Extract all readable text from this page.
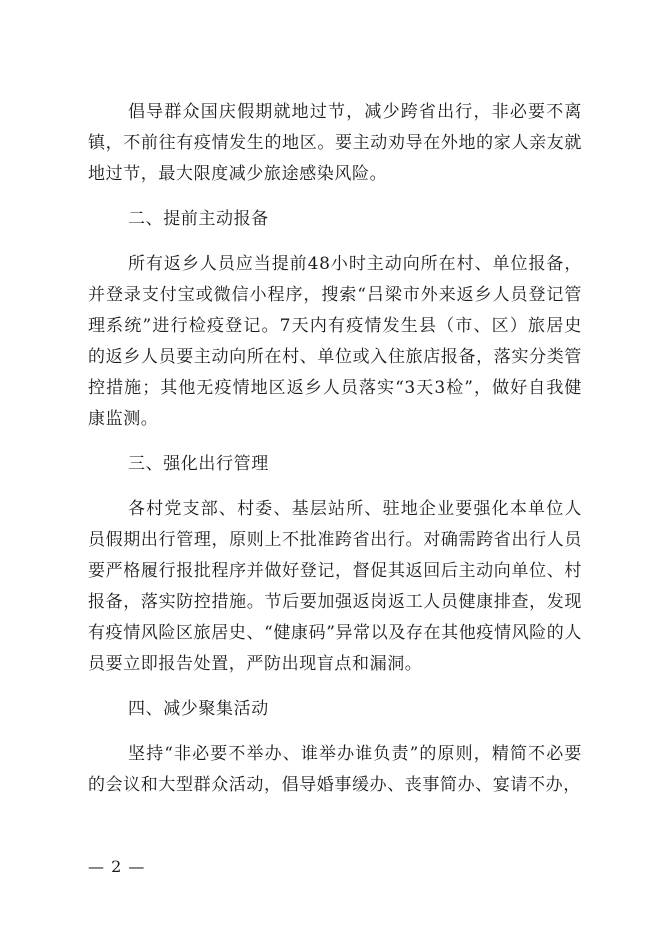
倡导群众国庆假期就地过节，减少跨省出行，非必要不离镇，不前往有疫情发生的地区。要主动劝导在外地的家人亲友就地过节，最大限度减少旅途感染风险。

二、提前主动报备

所有返乡人员应当提前48小时主动向所在村、单位报备，并登录支付宝或微信小程序，搜索“吕梁市外来返乡人员登记管理系统”进行检疫登记。7天内有疫情发生县（市、区）旅居史的返乡人员要主动向所在村、单位或入住旅店报备，落实分类管控措施；其他无疫情地区返乡人员落实“3天3检”，做好自我健康监测。

三、强化出行管理

各村党支部、村委、基层站所、驻地企业要强化本单位人员假期出行管理，原则上不批准跨省出行。对确需跨省出行人员要严格履行报批程序并做好登记，督促其返回后主动向单位、村报备，落实防控措施。节后要加强返岗返工人员健康排查，发现有疫情风险区旅居史、“健康码”异常以及存在其他疫情风险的人员要立即报告处置，严防出现盲点和漏洞。

四、减少聚集活动

坚持“非必要不举办、谁举办谁负责”的原则，精简不必要的会议和大型群众活动，倡导婚事缓办、丧事简办、宴请不办，

— 2 —
